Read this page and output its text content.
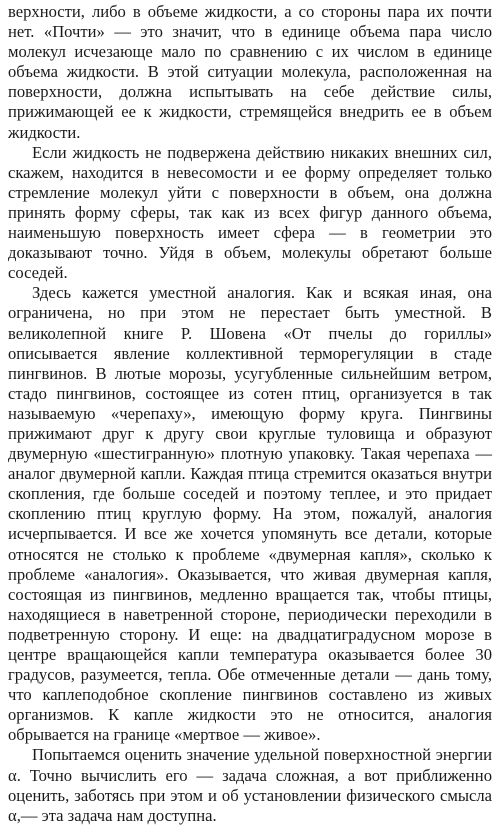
верхности, либо в объеме жидкости, а со стороны пара их почти нет. «Почти» — это значит, что в единице объема пара число молекул исчезающе мало по сравнению с их числом в единице объема жидкости. В этой ситуации молекула, расположенная на поверхности, должна испытывать на себе действие силы, прижимающей ее к жидкости, стремящейся внедрить ее в объем жидкости.

Если жидкость не подвержена действию никаких внешних сил, скажем, находится в невесомости и ее форму определяет только стремление молекул уйти с поверхности в объем, она должна принять форму сферы, так как из всех фигур данного объема, наименьшую поверхность имеет сфера — в геометрии это доказывают точно. Уйдя в объем, молекулы обретают больше соседей.

Здесь кажется уместной аналогия. Как и всякая иная, она ограничена, но при этом не перестает быть уместной. В великолепной книге Р. Шовена «От пчелы до гориллы» описывается явление коллективной терморегуляции в стаде пингвинов. В лютые морозы, усугубленные сильнейшим ветром, стадо пингвинов, состоящее из сотен птиц, организуется в так называемую «черепаху», имеющую форму круга. Пингвины прижимают друг к другу свои круглые туловища и образуют двумерную «шестигранную» плотную упаковку. Такая черепаха — аналог двумерной капли. Каждая птица стремится оказаться внутри скопления, где больше соседей и поэтому теплее, и это придает скоплению птиц круглую форму. На этом, пожалуй, аналогия исчерпывается. И все же хочется упомянуть все детали, которые относятся не столько к проблеме «двумерная капля», сколько к проблеме «аналогия». Оказывается, что живая двумерная капля, состоящая из пингвинов, медленно вращается так, чтобы птицы, находящиеся в наветренной стороне, периодически переходили в подветренную сторону. И еще: на двадцатиградусном морозе в центре вращающейся капли температура оказывается более 30 градусов, разумеется, тепла. Обе отмеченные детали — дань тому, что каплеподобное скопление пингвинов составлено из живых организмов. К капле жидкости это не относится, аналогия обрывается на границе «мертвое — живое».

Попытаемся оценить значение удельной поверхностной энергии α. Точно вычислить его — задача сложная, а вот приближенно оценить, заботясь при этом и об установлении физического смысла α,— эта задача нам доступна.
